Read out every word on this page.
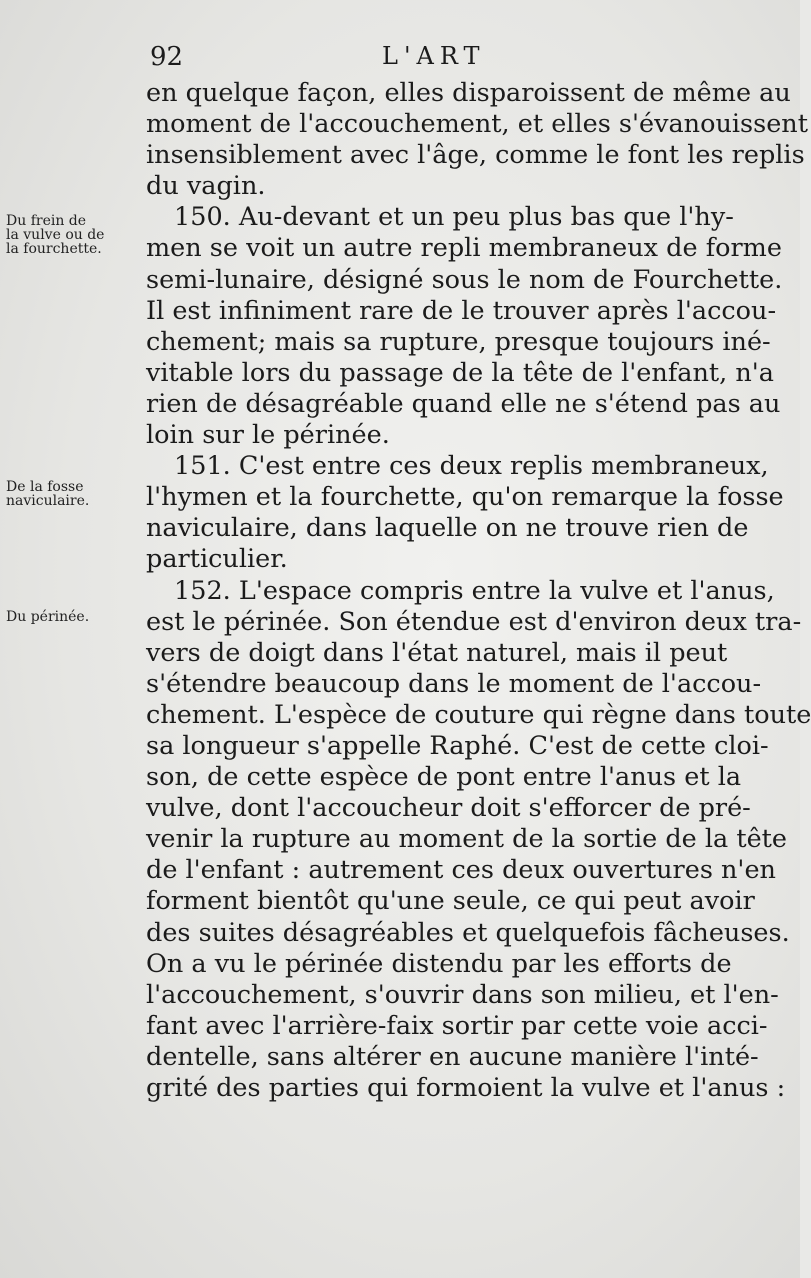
92	L'ART
Du frein de
la vulve ou de
la fourchette.
De la fosse
naviculaire.
Du périnée.
en quelque façon, elles disparoissent de même au
moment de l'accouchement, et elles s'évanouissent
insensiblement avec l'âge, comme le font les replis
du vagin.
150. Au-devant et un peu plus bas que l'hy-
men se voit un autre repli membraneux de forme
semi-lunaire, désigné sous le nom de Fourchette.
Il est infiniment rare de le trouver après l'accou-
chement; mais sa rupture, presque toujours iné-
vitable lors du passage de la tête de l'enfant, n'a
rien de désagréable quand elle ne s'étend pas au
loin sur le périnée.
151. C'est entre ces deux replis membraneux,
l'hymen et la fourchette, qu'on remarque la fosse
naviculaire, dans laquelle on ne trouve rien de
particulier.
152. L'espace compris entre la vulve et l'anus,
est le périnée. Son étendue est d'environ deux tra-
vers de doigt dans l'état naturel, mais il peut
s'étendre beaucoup dans le moment de l'accou-
chement. L'espèce de couture qui règne dans toute
sa longueur s'appelle Raphé. C'est de cette cloi-
son, de cette espèce de pont entre l'anus et la
vulve, dont l'accoucheur doit s'efforcer de pré-
venir la rupture au moment de la sortie de la tête
de l'enfant : autrement ces deux ouvertures n'en
forment bientôt qu'une seule, ce qui peut avoir
des suites désagréables et quelquefois fâcheuses.
On a vu le périnée distendu par les efforts de
l'accouchement, s'ouvrir dans son milieu, et l'en-
fant avec l'arrière-faix sortir par cette voie acci-
dentelle, sans altérer en aucune manière l'inté-
grité des parties qui formoient la vulve et l'anus :
